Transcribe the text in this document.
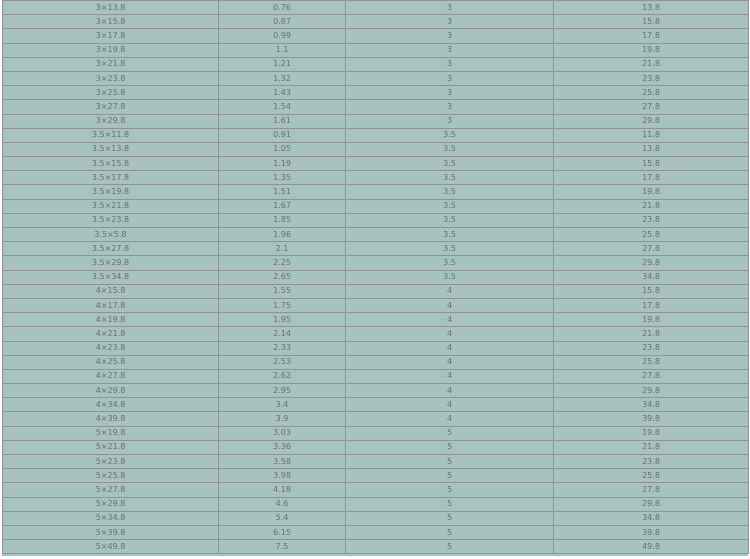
3×13.8	0.76	3	13.8
3×15.8	0.87	3	15.8
3×17.8	0.99	3	17.8
3×19.8	1.1	3	19.8
3×21.8	1.21	3	21.8
3×23.8	1.32	3	23.8
3×25.8	1.43	3	25.8
3×27.8	1.54	3	27.8
3×29.8	1.61	3	29.8
3.5×11.8	0.91	3.5	11.8
3.5×13.8	1.05	3.5	13.8
3.5×15.8	1.19	3.5	15.8
3.5×17.8	1.35	3.5	17.8
3.5×19.8	1.51	3.5	19.8
3.5×21.8	1.67	3.5	21.8
3.5×23.8	1.85	3.5	23.8
3.5×5.8	1.96	3.5	25.8
3.5×27.8	2.1	3.5	27.8
3.5×29.8	2.25	3.5	29.8
3.5×34.8	2.65	3.5	34.8
4×15.8	1.55	4	15.8
4×17.8	1.75	4	17.8
4×19.8	1.95	4	19.8
4×21.8	2.14	4	21.8
4×23.8	2.33	4	23.8
4×25.8	2.53	4	25.8
4×27.8	2.62	4	27.8
4×29.8	2.95	4	29.8
4×34.8	3.4	4	34.8
4×39.8	3.9	4	39.8
5×19.8	3.03	5	19.8
5×21.8	3.36	5	21.8
5×23.8	3.58	5	23.8
5×25.8	3.98	5	25.8
5×27.8	4.18	5	27.8
5×29.8	4.6	5	29.8
5×34.8	5.4	5	34.8
5×39.8	6.15	5	39.8
5×49.8	7.5	5	49.8
